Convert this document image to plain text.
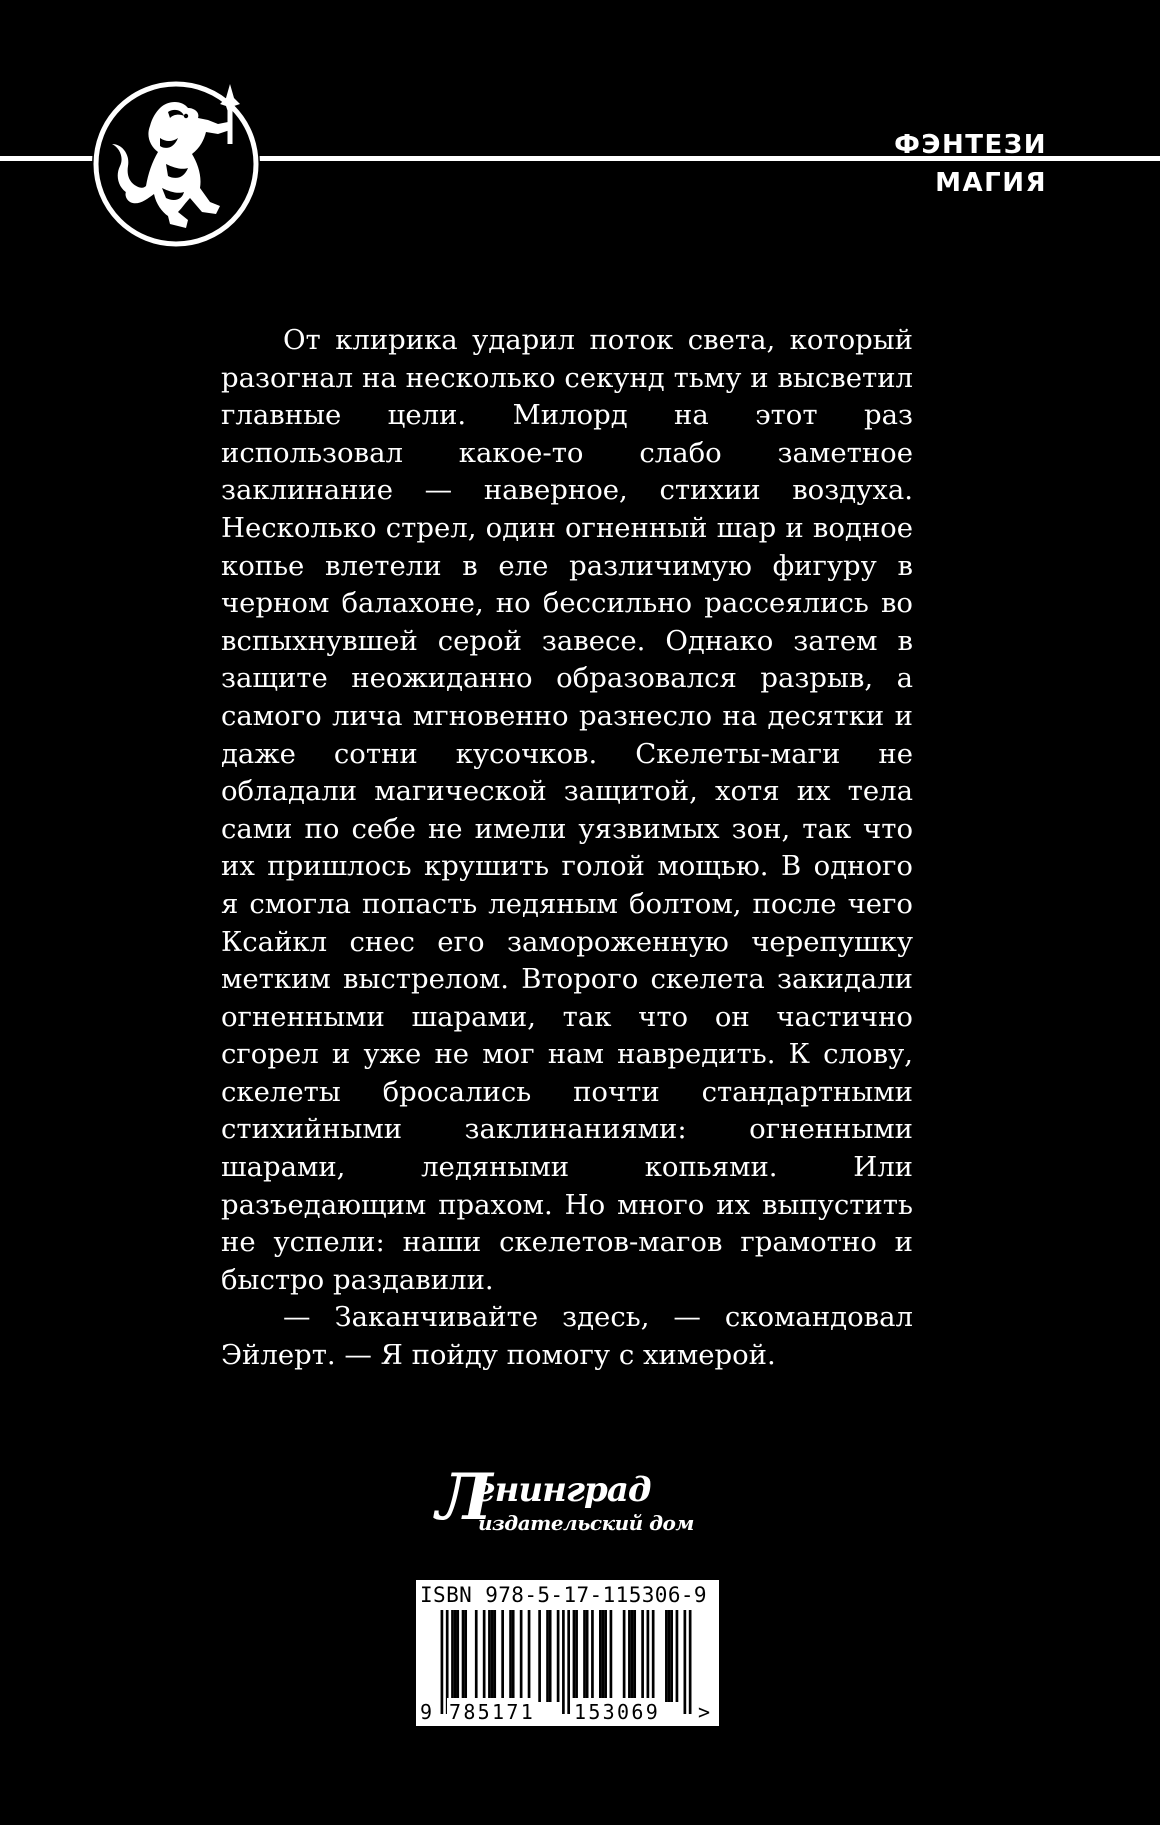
ФЭНТЕЗИ
МАГИЯ

От клирика ударил поток света, который разогнал на несколько секунд тьму и высветил главные цели. Милорд на этот раз использовал какое-то слабо заметное заклинание — наверное, стихии воздуха. Несколько стрел, один огненный шар и водное копье влетели в еле различимую фигуру в черном балахоне, но бессильно рассеялись во вспыхнувшей серой завесе. Однако затем в защите неожиданно образовался разрыв, а самого лича мгновенно разнесло на десятки и даже сотни кусочков. Скелеты-маги не обладали магической защитой, хотя их тела сами по себе не имели уязвимых зон, так что их пришлось крушить голой мощью. В одного я смогла попасть ледяным болтом, после чего Ксайкл снес его замороженную черепушку метким выстрелом. Второго скелета закидали огненными шарами, так что он частично сгорел и уже не мог нам навредить. К слову, скелеты бросались почти стандартными стихийными заклинаниями: огненными шарами, ледяными копьями. Или разъедающим прахом. Но много их выпустить не успели: наши скелетов-магов грамотно и быстро раздавили.

— Заканчивайте здесь, — скомандовал Эйлерт. — Я пойду помогу с химерой.

Л
енинград
издательский дом
ISBN 978-5-17-115306-9
9 785171 153069 >
